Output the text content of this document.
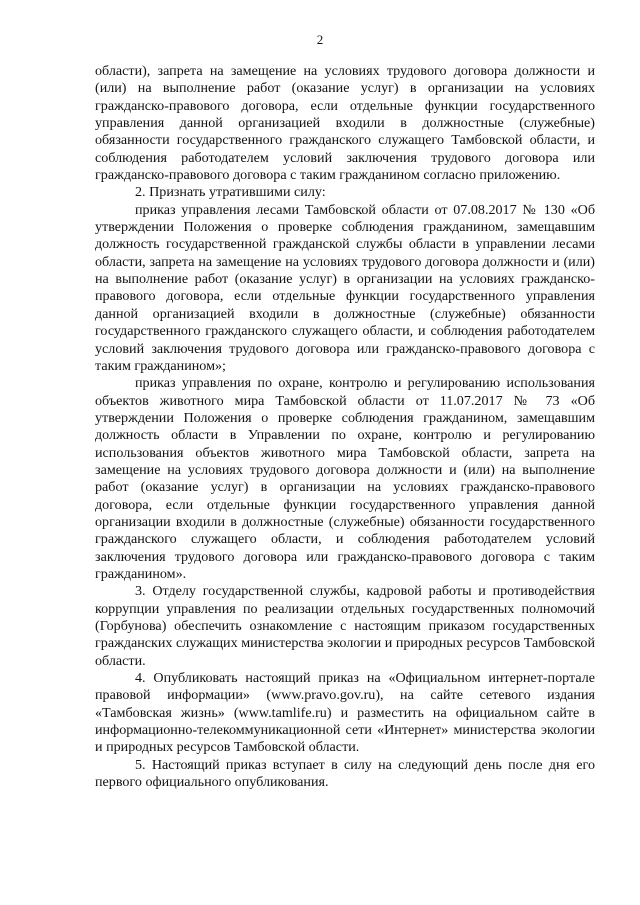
2

области), запрета на замещение на условиях трудового договора должности и (или) на выполнение работ (оказание услуг) в организации на условиях гражданско-правового договора, если отдельные функции государственного управления данной организацией входили в должностные (служебные) обязанности государственного гражданского служащего Тамбовской области, и соблюдения работодателем условий заключения трудового договора или гражданско-правового договора с таким гражданином согласно приложению.

2. Признать утратившими силу:

приказ управления лесами Тамбовской области от 07.08.2017 № 130 «Об утверждении Положения о проверке соблюдения гражданином, замещавшим должность государственной гражданской службы области в управлении лесами области, запрета на замещение на условиях трудового договора должности и (или) на выполнение работ (оказание услуг) в организации на условиях гражданско-правового договора, если отдельные функции государственного управления данной организацией входили в должностные (служебные) обязанности государственного гражданского служащего области, и соблюдения работодателем условий заключения трудового договора или гражданско-правового договора с таким гражданином»;

приказ управления по охране, контролю и регулированию использования объектов животного мира Тамбовской области от 11.07.2017 № 73 «Об утверждении Положения о проверке соблюдения гражданином, замещавшим должность области в Управлении по охране, контролю и регулированию использования объектов животного мира Тамбовской области, запрета на замещение на условиях трудового договора должности и (или) на выполнение работ (оказание услуг) в организации на условиях гражданско-правового договора, если отдельные функции государственного управления данной организации входили в должностные (служебные) обязанности государственного гражданского служащего области, и соблюдения работодателем условий заключения трудового договора или гражданско-правового договора с таким гражданином».

3. Отделу государственной службы, кадровой работы и противодействия коррупции управления по реализации отдельных государственных полномочий (Горбунова) обеспечить ознакомление с настоящим приказом государственных гражданских служащих министерства экологии и природных ресурсов Тамбовской области.

4. Опубликовать настоящий приказ на «Официальном интернет-портале правовой информации» (www.pravo.gov.ru), на сайте сетевого издания «Тамбовская жизнь» (www.tamlife.ru) и разместить на официальном сайте в информационно-телекоммуникационной сети «Интернет» министерства экологии и природных ресурсов Тамбовской области.

5. Настоящий приказ вступает в силу на следующий день после дня его первого официального опубликования.
